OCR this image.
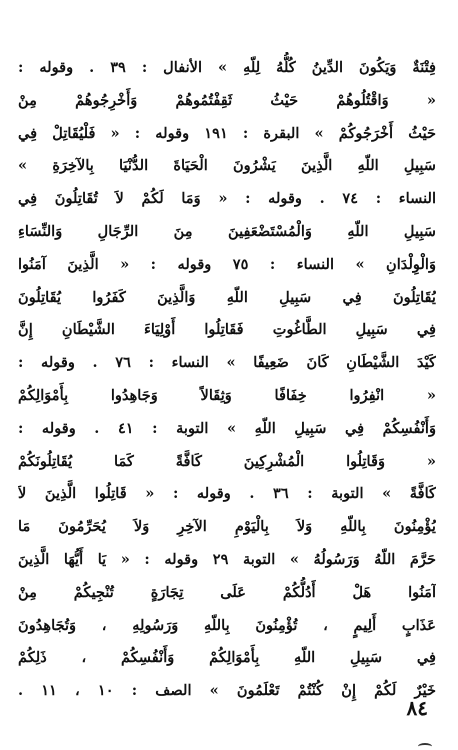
فِتْنَةٌ وَيَكُونَ الدِّينُ كُلُّهُ لِلّهِ » الأنفال : ٣٩ . وقوله :
« وَاقْتُلُوهُمْ حَيْثُ ثَقِفْتُمُوهُمْ وَأَخْرِجُوهُمْ مِنْ
حَيْثُ أَخْرَجُوكُمْ » البقرة : ١٩١ وقوله : « فَلْيُقَاتِلْ فِي
سَبِيلِ اللّهِ الَّذِينَ يَشْرُونَ الْحَيَاةَ الدُّنْيَا بِالآخِرَةِ »
النساء : ٧٤ . وقوله : « وَمَا لَكُمْ لاَ تُقَاتِلُونَ فِي
سَبِيلِ اللّهِ وَالْمُسْتَضْعَفِينَ مِنَ الرِّجَالِ وَالنِّسَاءِ
وَالْوِلْدَانِ » النساء : ٧٥ وقوله : « الَّذِينَ آمَنُوا
يُقَاتِلُونَ فِي سَبِيلِ اللّهِ وَالَّذِينَ كَفَرُوا يُقَاتِلُونَ
فِي سَبِيلِ الطَّاغُوتِ فَقَاتِلُوا أَوْلِيَاءَ الشَّيْطَانِ إِنَّ
كَيْدَ الشَّيْطَانِ كَانَ ضَعِيفًا » النساء : ٧٦ . وقوله :
« انْفِرُوا خِفَافًا وَثِقَالاً وَجَاهِدُوا بِأَمْوَالِكُمْ
وَأَنْفُسِكُمْ فِي سَبِيلِ اللّهِ » التوبة : ٤١ . وقوله :
« وَقَاتِلُوا الْمُشْرِكِينَ كَافَّةً كَمَا يُقَاتِلُونَكُمْ
كَافَّةً » التوبة : ٣٦ . وقوله : « قَاتِلُوا الَّذِينَ لاَ
يُؤْمِنُونَ بِاللّهِ وَلاَ بِالْيَوْمِ الآخِرِ وَلاَ يُحَرِّمُونَ مَا
حَرَّمَ اللّهُ وَرَسُولُهُ » التوبة ٢٩ وقوله : « يَا أَيُّهَا الَّذِينَ
آمَنُوا هَلْ أَدُلُّكُمْ عَلَى تِجَارَةٍ تُنْجِيكُمْ مِنْ
عَذَابٍ أَلِيمٍ ، تُؤْمِنُونَ بِاللّهِ وَرَسُولِهِ ، وَتُجَاهِدُونَ
فِي سَبِيلِ اللّهِ بِأَمْوَالِكُمْ وَأَنْفُسِكُمْ ، ذَلِكُمْ
خَيْرٌ لَكُمْ إِنْ كُنْتُمْ تَعْلَمُونَ » الصف : ١٠ ، ١١ .
٨٤
